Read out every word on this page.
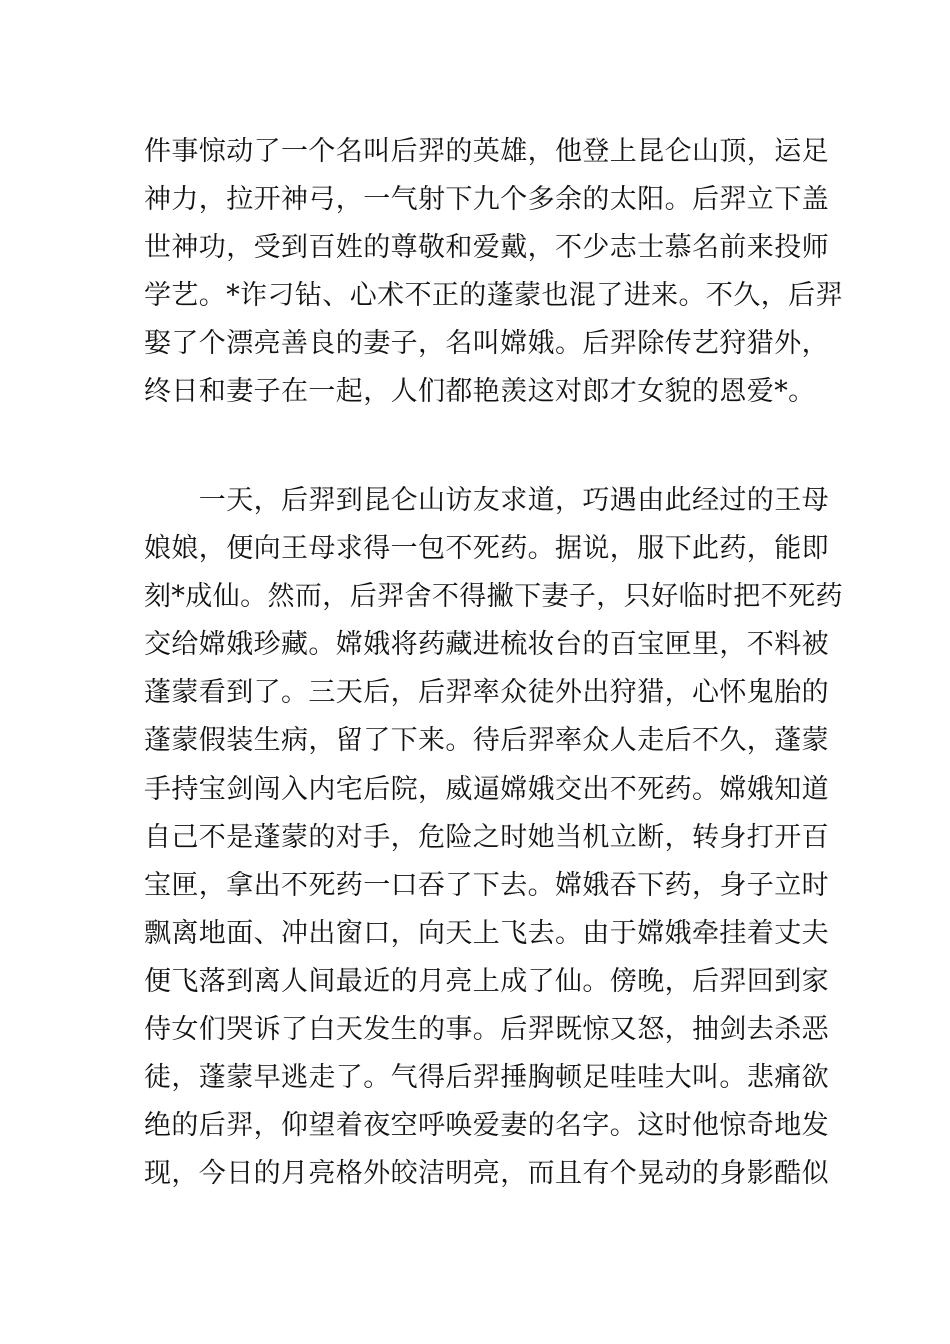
件事惊动了一个名叫后羿的英雄，他登上昆仑山顶，运足
神力，拉开神弓，一气射下九个多余的太阳。后羿立下盖
世神功，受到百姓的尊敬和爱戴，不少志士慕名前来投师
学艺。*诈刁钻、心术不正的蓬蒙也混了进来。不久，后羿
娶了个漂亮善良的妻子，名叫嫦娥。后羿除传艺狩猎外，
终日和妻子在一起，人们都艳羡这对郎才女貌的恩爱*。
　　一天，后羿到昆仑山访友求道，巧遇由此经过的王母
娘娘，便向王母求得一包不死药。据说，服下此药，能即
刻*成仙。然而，后羿舍不得撇下妻子，只好临时把不死药
交给嫦娥珍藏。嫦娥将药藏进梳妆台的百宝匣里，不料被
蓬蒙看到了。三天后，后羿率众徒外出狩猎，心怀鬼胎的
蓬蒙假装生病，留了下来。待后羿率众人走后不久，蓬蒙
手持宝剑闯入内宅后院，威逼嫦娥交出不死药。嫦娥知道
自己不是蓬蒙的对手，危险之时她当机立断，转身打开百
宝匣，拿出不死药一口吞了下去。嫦娥吞下药，身子立时
飘离地面、冲出窗口，向天上飞去。由于嫦娥牵挂着丈夫
便飞落到离人间最近的月亮上成了仙。傍晚，后羿回到家
侍女们哭诉了白天发生的事。后羿既惊又怒，抽剑去杀恶
徒，蓬蒙早逃走了。气得后羿捶胸顿足哇哇大叫。悲痛欲
绝的后羿，仰望着夜空呼唤爱妻的名字。这时他惊奇地发
现，今日的月亮格外皎洁明亮，而且有个晃动的身影酷似
